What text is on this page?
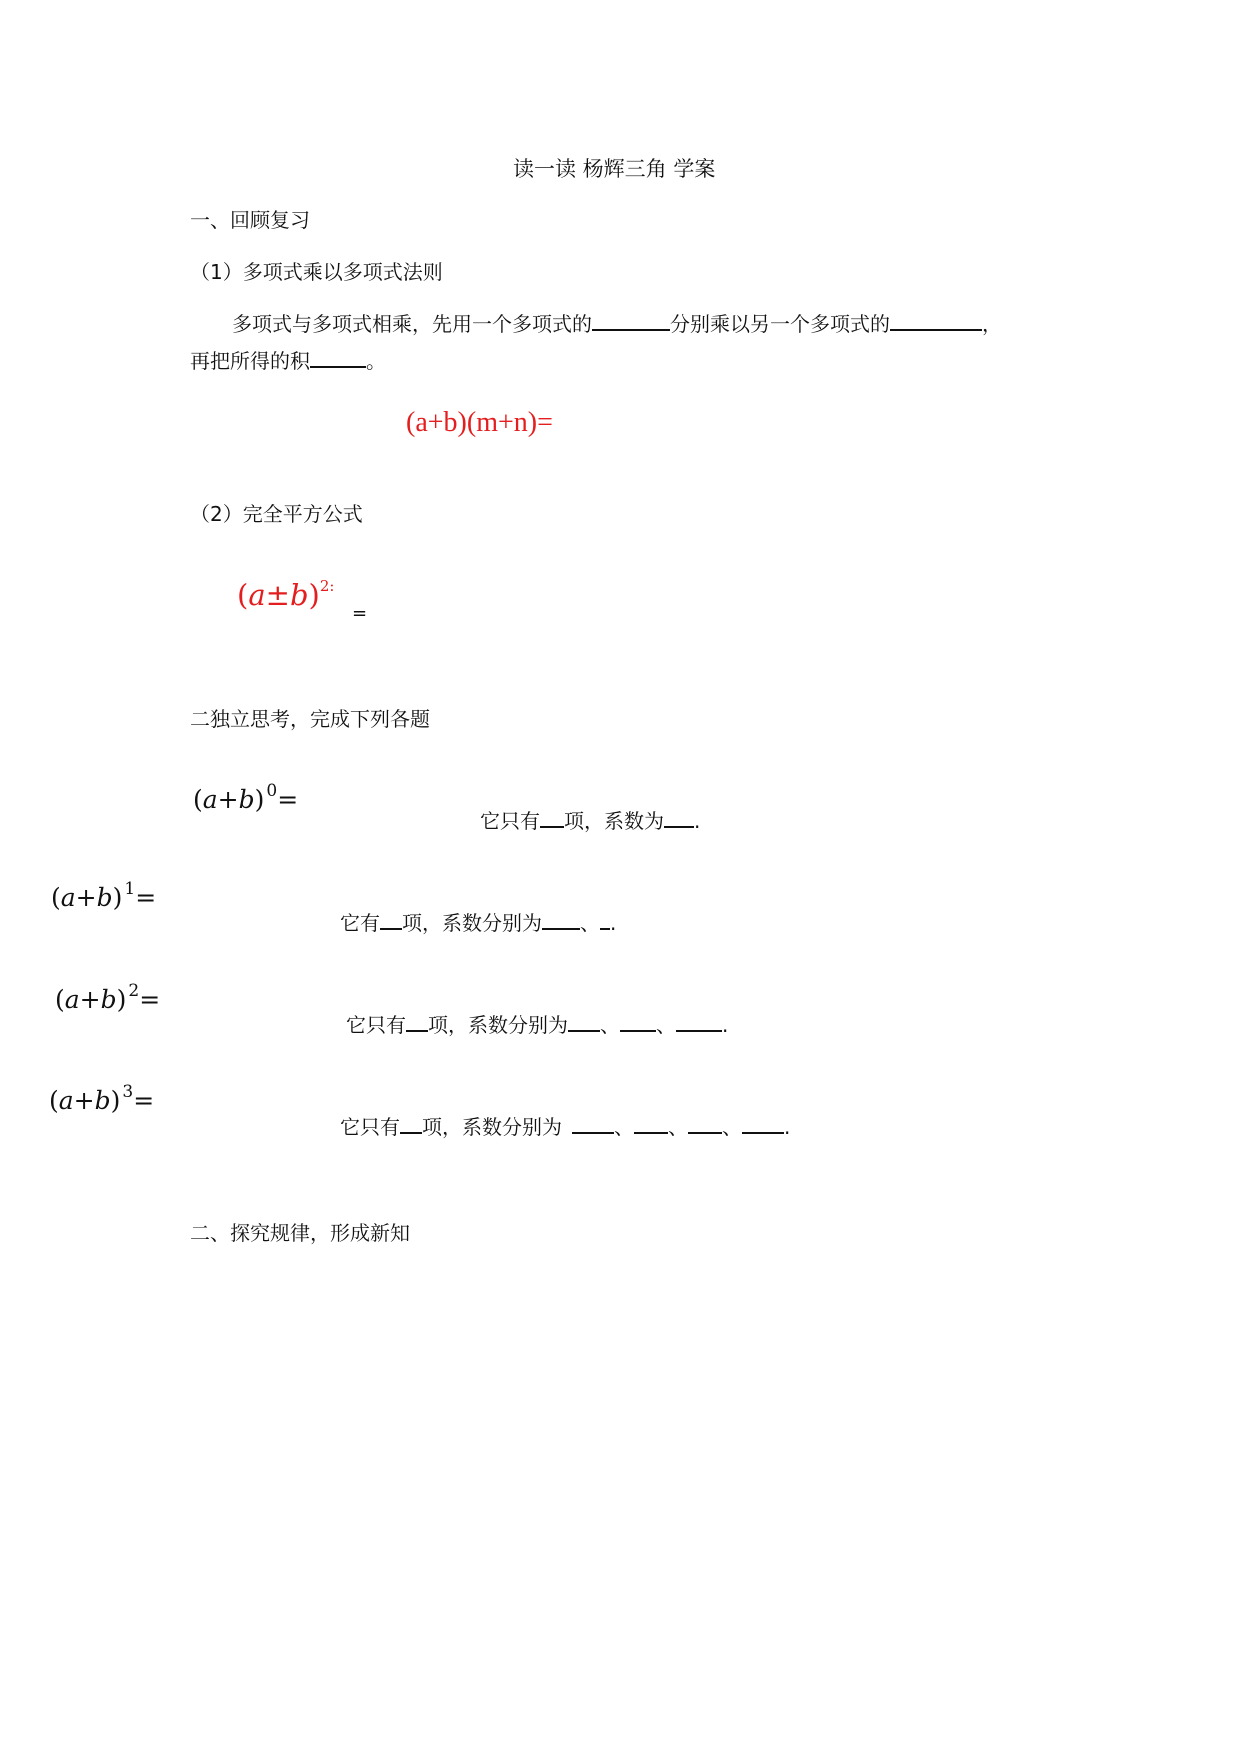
读一读 杨辉三角 学案
一、回顾复习
（1）多项式乘以多项式法则
多项式与多项式相乘，先用一个多项式的	分别乘以另一个多项式的	，
再把所得的积	。
(a+b)(m+n)=
（2）完全平方公式
$(a\pm b)^{2:}$
=
二独立思考，完成下列各题
(a+b) $^0$=
它只有 项，系数为 .
(a+b) $^1$=
它有 项，系数分别为 、 .
(a+b) $^2$=
它只有 项，系数分别为 、 、 .
(a+b) $^3$=
它只有 项，系数分别为	、 、 、 .
二、探究规律，形成新知
